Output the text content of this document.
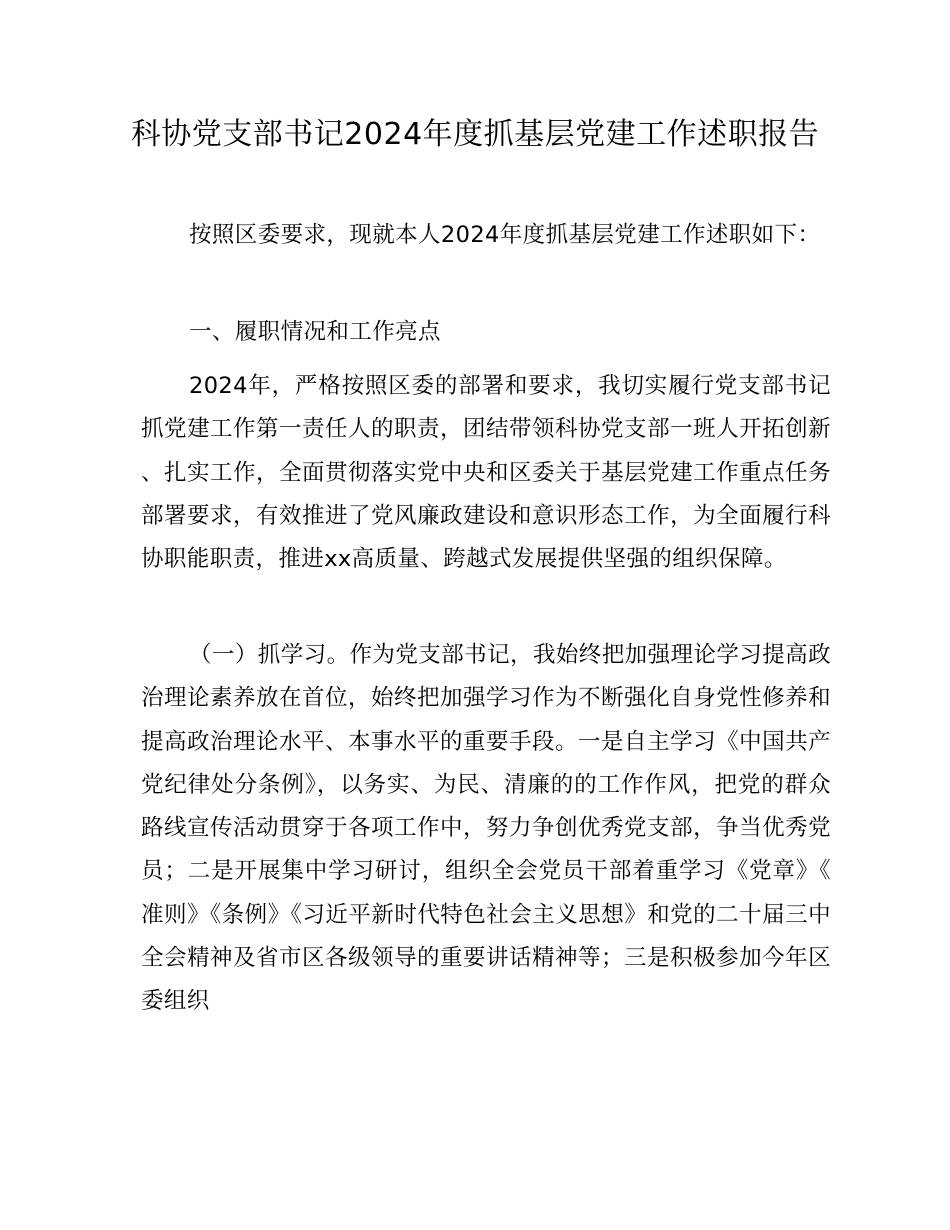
科协党支部书记2024年度抓基层党建工作述职报告

按照区委要求，现就本人2024年度抓基层党建工作述职如下：

一、履职情况和工作亮点

2024年，严格按照区委的部署和要求，我切实履行党支部书记抓党建工作第一责任人的职责，团结带领科协党支部一班人开拓创新、扎实工作，全面贯彻落实党中央和区委关于基层党建工作重点任务部署要求，有效推进了党风廉政建设和意识形态工作，为全面履行科协职能职责，推进xx高质量、跨越式发展提供坚强的组织保障。

（一）抓学习。作为党支部书记，我始终把加强理论学习提高政治理论素养放在首位，始终把加强学习作为不断强化自身党性修养和提高政治理论水平、本事水平的重要手段。一是自主学习《中国共产党纪律处分条例》，以务实、为民、清廉的的工作作风，把党的群众路线宣传活动贯穿于各项工作中，努力争创优秀党支部，争当优秀党员；二是开展集中学习研讨，组织全会党员干部着重学习《党章》《准则》《条例》《习近平新时代特色社会主义思想》和党的二十届三中全会精神及省市区各级领导的重要讲话精神等；三是积极参加今年区委组织
